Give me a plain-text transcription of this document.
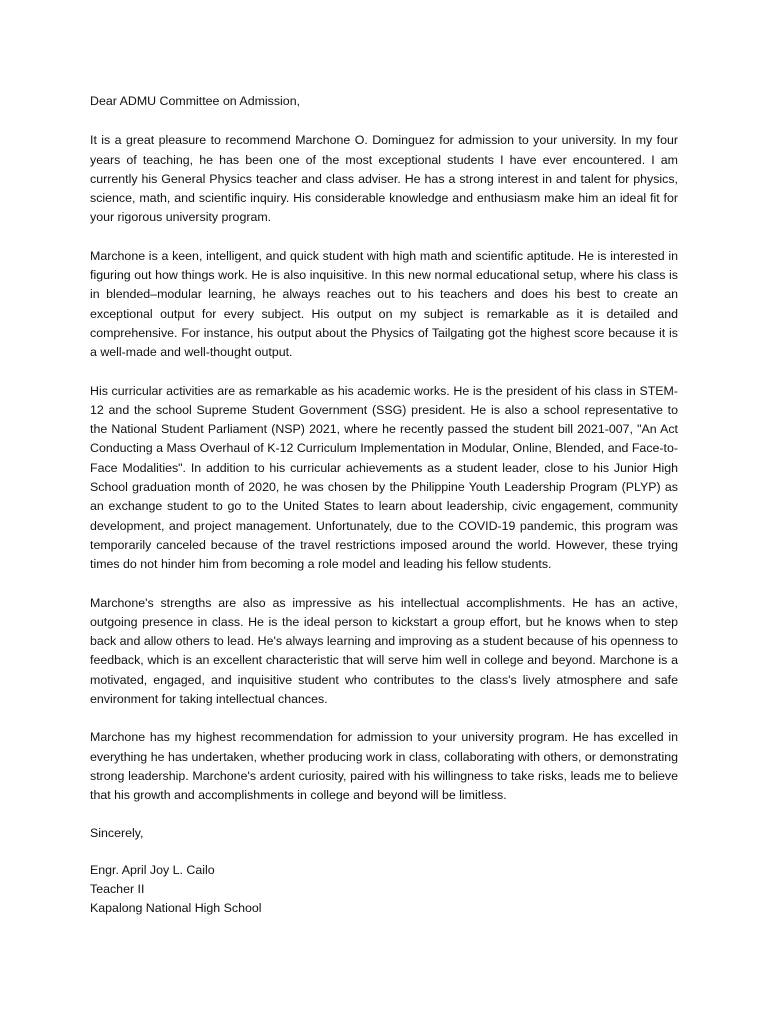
Dear ADMU Committee on Admission,

It is a great pleasure to recommend Marchone O. Dominguez for admission to your university. In my four years of teaching, he has been one of the most exceptional students I have ever encountered. I am currently his General Physics teacher and class adviser. He has a strong interest in and talent for physics, science, math, and scientific inquiry. His considerable knowledge and enthusiasm make him an ideal fit for your rigorous university program.

Marchone is a keen, intelligent, and quick student with high math and scientific aptitude. He is interested in figuring out how things work. He is also inquisitive. In this new normal educational setup, where his class is in blended–modular learning, he always reaches out to his teachers and does his best to create an exceptional output for every subject. His output on my subject is remarkable as it is detailed and comprehensive. For instance, his output about the Physics of Tailgating got the highest score because it is a well-made and well-thought output.

His curricular activities are as remarkable as his academic works. He is the president of his class in STEM-12 and the school Supreme Student Government (SSG) president. He is also a school representative to the National Student Parliament (NSP) 2021, where he recently passed the student bill 2021-007, "An Act Conducting a Mass Overhaul of K-12 Curriculum Implementation in Modular, Online, Blended, and Face-to-Face Modalities". In addition to his curricular achievements as a student leader, close to his Junior High School graduation month of 2020, he was chosen by the Philippine Youth Leadership Program (PLYP) as an exchange student to go to the United States to learn about leadership, civic engagement, community development, and project management. Unfortunately, due to the COVID-19 pandemic, this program was temporarily canceled because of the travel restrictions imposed around the world. However, these trying times do not hinder him from becoming a role model and leading his fellow students.

Marchone's strengths are also as impressive as his intellectual accomplishments. He has an active, outgoing presence in class. He is the ideal person to kickstart a group effort, but he knows when to step back and allow others to lead. He's always learning and improving as a student because of his openness to feedback, which is an excellent characteristic that will serve him well in college and beyond. Marchone is a motivated, engaged, and inquisitive student who contributes to the class's lively atmosphere and safe environment for taking intellectual chances.

Marchone has my highest recommendation for admission to your university program. He has excelled in everything he has undertaken, whether producing work in class, collaborating with others, or demonstrating strong leadership. Marchone's ardent curiosity, paired with his willingness to take risks, leads me to believe that his growth and accomplishments in college and beyond will be limitless.

Sincerely,

Engr. April Joy L. Cailo

Teacher II

Kapalong National High School
